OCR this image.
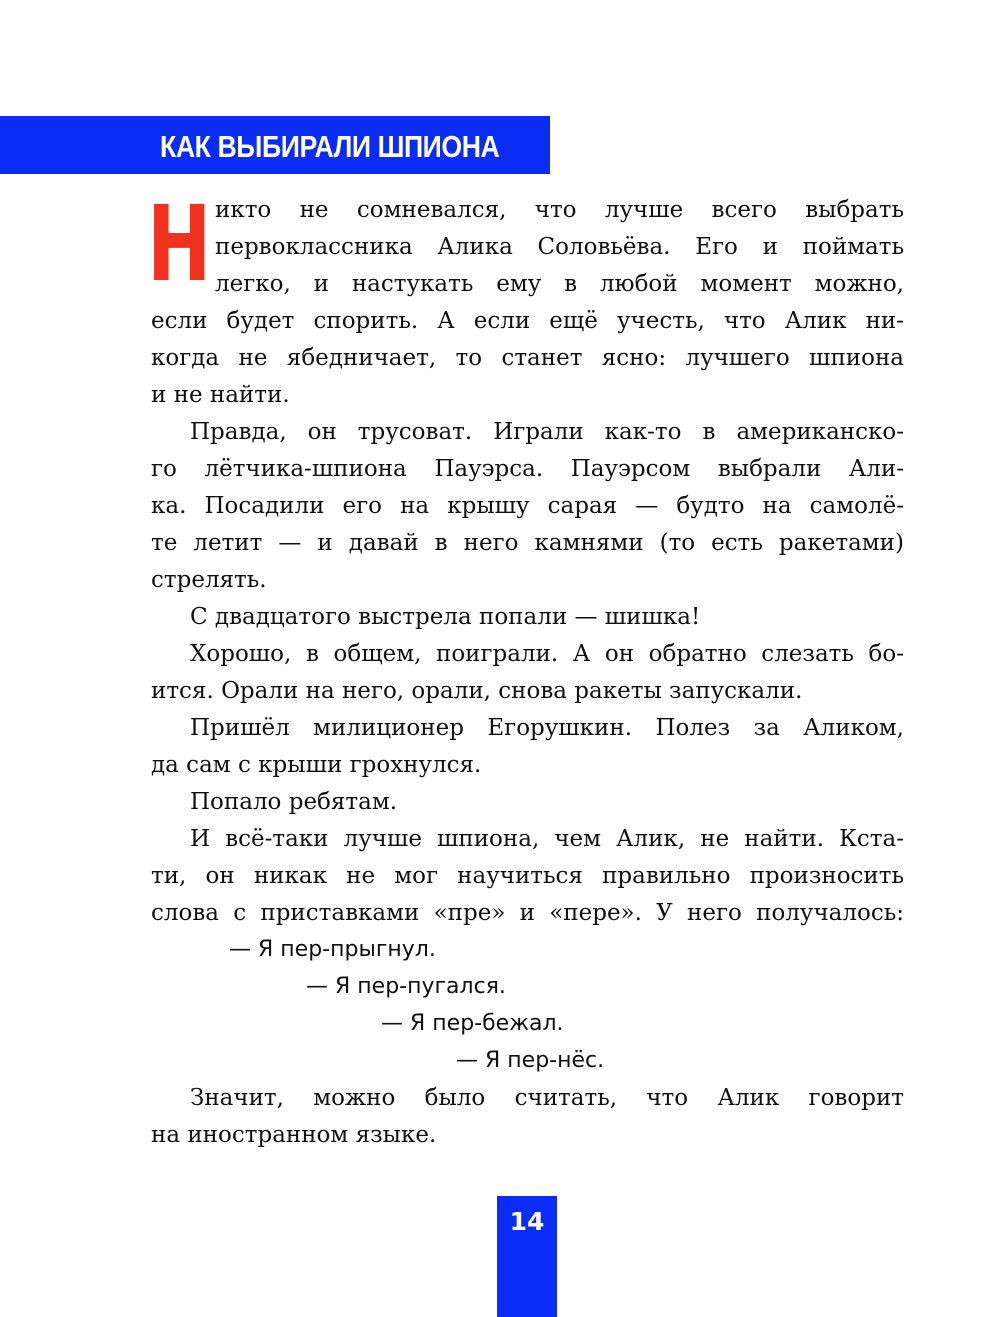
КАК ВЫБИРАЛИ ШПИОНА
Н икто не сомневался, что лучше всего выбрать
первоклассника Алика Соловьёва. Его и поймать
легко, и настукать ему в любой момент можно,
если будет спорить. А если ещё учесть, что Алик ни-
когда не ябедничает, то станет ясно: лучшего шпиона
и не найти.
Правда, он трусоват. Играли как-то в американско-
го лётчика-шпиона Пауэрса. Пауэрсом выбрали Али-
ка. Посадили его на крышу сарая — будто на самолё-
те летит — и давай в него камнями (то есть ракетами)
стрелять.
С двадцатого выстрела попали — шишка!
Хорошо, в общем, поиграли. А он обратно слезать бо-
ится. Орали на него, орали, снова ракеты запускали.
Пришёл милиционер Егорушкин. Полез за Аликом,
да сам с крыши грохнулся.
Попало ребятам.
И всё-таки лучше шпиона, чем Алик, не найти. Кста-
ти, он никак не мог научиться правильно произносить
слова с приставками «пре» и «пере». У него получалось:
— Я пер-прыгнул.
— Я пер-пугался.
— Я пер-бежал.
— Я пер-нёс.
Значит, можно было считать, что Алик говорит
на иностранном языке.
14
